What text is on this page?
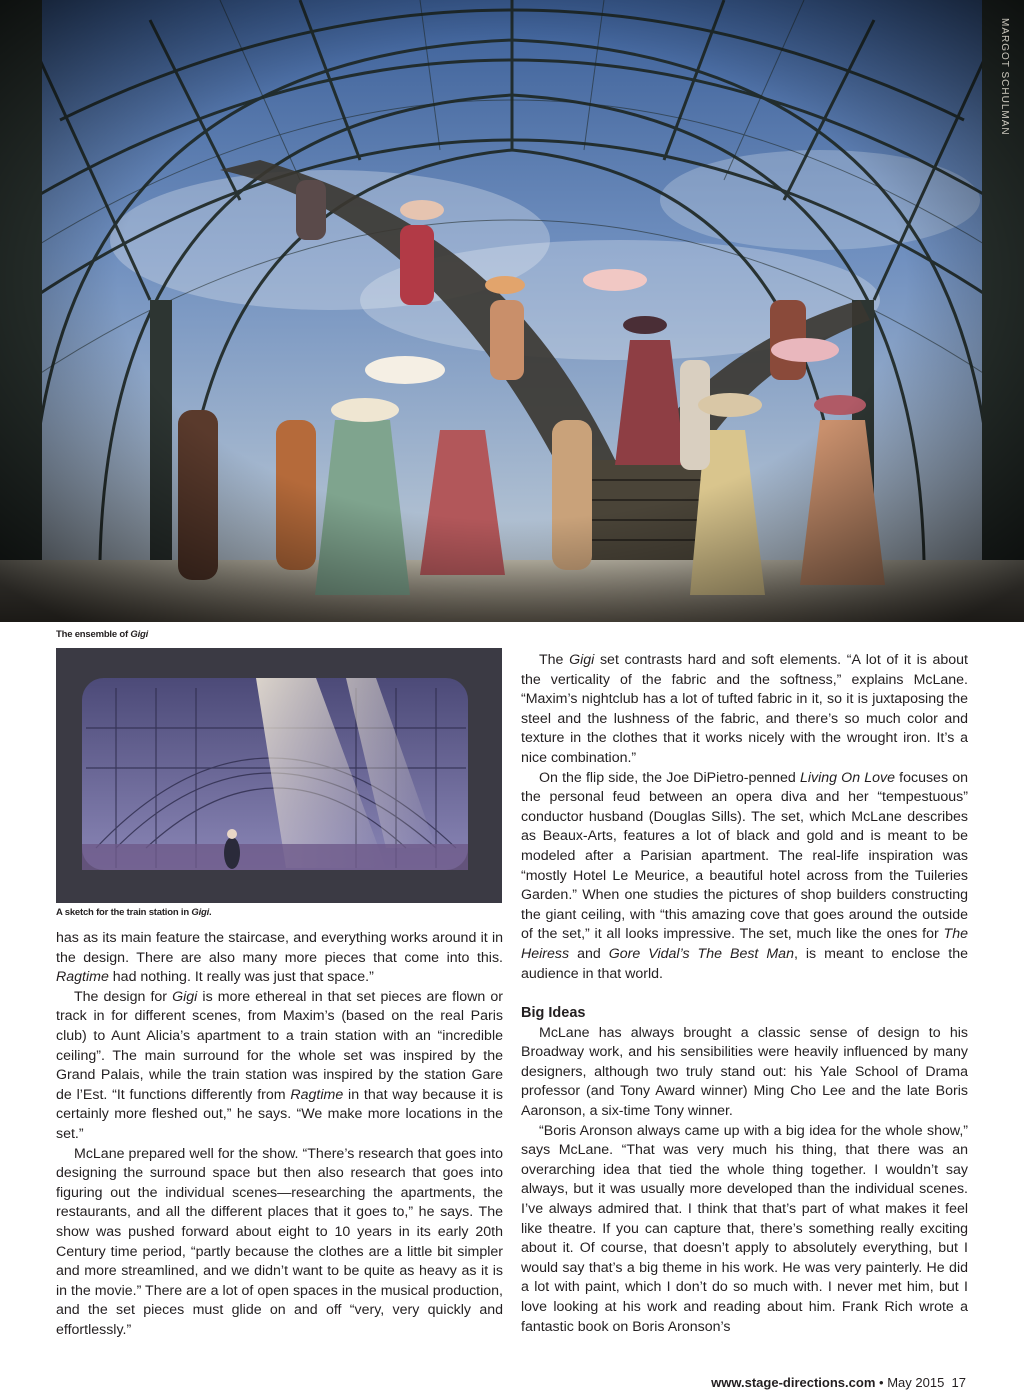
MARGOT SCHULMAN
The ensemble of Gigi
A sketch for the train station in Gigi.

has as its main feature the staircase, and everything works around it in the design. There are also many more pieces that come into this. Ragtime had nothing. It really was just that space.”

The design for Gigi is more ethereal in that set pieces are flown or track in for different scenes, from Maxim’s (based on the real Paris club) to Aunt Alicia’s apartment to a train station with an “incredible ceiling”. The main surround for the whole set was inspired by the Grand Palais, while the train station was inspired by the station Gare de l’Est. “It functions differently from Ragtime in that way because it is certainly more fleshed out,” he says. “We make more locations in the set.”

McLane prepared well for the show. “There’s research that goes into designing the surround space but then also research that goes into figuring out the individual scenes—researching the apartments, the restaurants, and all the different places that it goes to,” he says. The show was pushed forward about eight to 10 years in its early 20th Century time period, “partly because the clothes are a little bit simpler and more streamlined, and we didn’t want to be quite as heavy as it is in the movie.” There are a lot of open spaces in the musical production, and the set pieces must glide on and off “very, very quickly and effortlessly.”

The Gigi set contrasts hard and soft elements. “A lot of it is about the verticality of the fabric and the softness,” explains McLane. “Maxim’s nightclub has a lot of tufted fabric in it, so it is juxtaposing the steel and the lushness of the fabric, and there’s so much color and texture in the clothes that it works nicely with the wrought iron. It’s a nice combination.”

On the flip side, the Joe DiPietro-penned Living On Love focuses on the personal feud between an opera diva and her “tempestuous” conductor husband (Douglas Sills). The set, which McLane describes as Beaux-Arts, features a lot of black and gold and is meant to be modeled after a Parisian apartment. The real-life inspiration was “mostly Hotel Le Meurice, a beautiful hotel across from the Tuileries Garden.” When one studies the pictures of shop builders constructing the giant ceiling, with “this amazing cove that goes around the outside of the set,” it all looks impressive. The set, much like the ones for The Heiress and Gore Vidal’s The Best Man, is meant to enclose the audience in that world.

Big Ideas

McLane has always brought a classic sense of design to his Broadway work, and his sensibilities were heavily influenced by many designers, although two truly stand out: his Yale School of Drama professor (and Tony Award winner) Ming Cho Lee and the late Boris Aaronson, a six-time Tony winner.

“Boris Aronson always came up with a big idea for the whole show,” says McLane. “That was very much his thing, that there was an overarching idea that tied the whole thing together. I wouldn’t say always, but it was usually more developed than the individual scenes. I’ve always admired that. I think that that’s part of what makes it feel like theatre. If you can capture that, there’s something really exciting about it. Of course, that doesn’t apply to absolutely everything, but I would say that’s a big theme in his work. He was very painterly. He did a lot with paint, which I don’t do so much with. I never met him, but I love looking at his work and reading about him. Frank Rich wrote a fantastic book on Boris Aronson’s

www.stage-directions.com • May 2015 17
